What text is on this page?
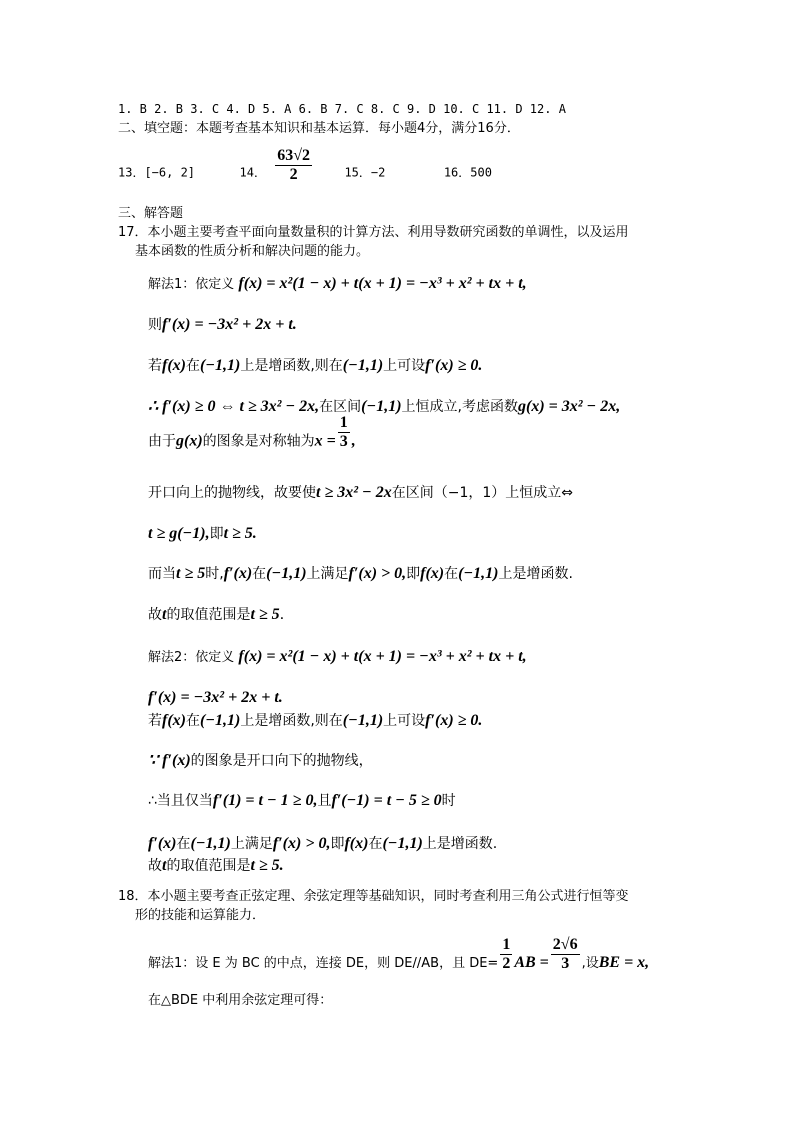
1. B 2. B 3. C 4. D 5. A 6. B 7. C 8. C 9. D 10. C 11. D 12. A
二、填空题：本题考查基本知识和基本运算．每小题4分，满分16分．
13．[−6, 2]	14． $\frac{63√2}{2}$	15．−2	16．500
三、解答题
17．本小题主要考查平面向量数量积的计算方法、利用导数研究函数的单调性，以及运用
基本函数的性质分析和解决问题的能力。
解法1：依定义 f(x) = x²(1 − x) + t(x + 1) = −x³ + x² + tx + t,
则f′(x) = −3x² + 2x + t.
若f(x)在(−1,1)上是增函数,则在(−1,1)上可设f′(x) ≥ 0.
∴ f′(x) ≥ 0 ⇔ t ≥ 3x² − 2x,在区间(−1,1)上恒成立,考虑函数g(x) = 3x² − 2x,
由于g(x)的图象是对称轴为$x = \frac{1}{3}$ ,
开口向上的抛物线，故要使t ≥ 3x² − 2x在区间（−1，1）上恒成立⇔
t ≥ g(−1),即t ≥ 5.
而当t ≥ 5时,f′(x)在(−1,1)上满足f′(x) > 0,即f(x)在(−1,1)上是增函数.
故t的取值范围是t ≥ 5．
解法2：依定义 f(x) = x²(1 − x) + t(x + 1) = −x³ + x² + tx + t,
f′(x) = −3x² + 2x + t.
若f(x)在(−1,1)上是增函数,则在(−1,1)上可设f′(x) ≥ 0.
∵ f′(x)的图象是开口向下的抛物线，
∴当且仅当f′(1) = t − 1 ≥ 0,且f′(−1) = t − 5 ≥ 0时
f′(x)在(−1,1)上满足f′(x) > 0,即f(x)在(−1,1)上是增函数.
故t的取值范围是t ≥ 5.
18．本小题主要考查正弦定理、余弦定理等基础知识，同时考查利用三角公式进行恒等变
形的技能和运算能力．
解法1：设 E 为 BC 的中点，连接 DE，则 DE//AB，且 $DE= \frac{1}{2}$ AB = $\frac{2√6}{3}$ ,设BE = x,
在△BDE 中利用余弦定理可得：
